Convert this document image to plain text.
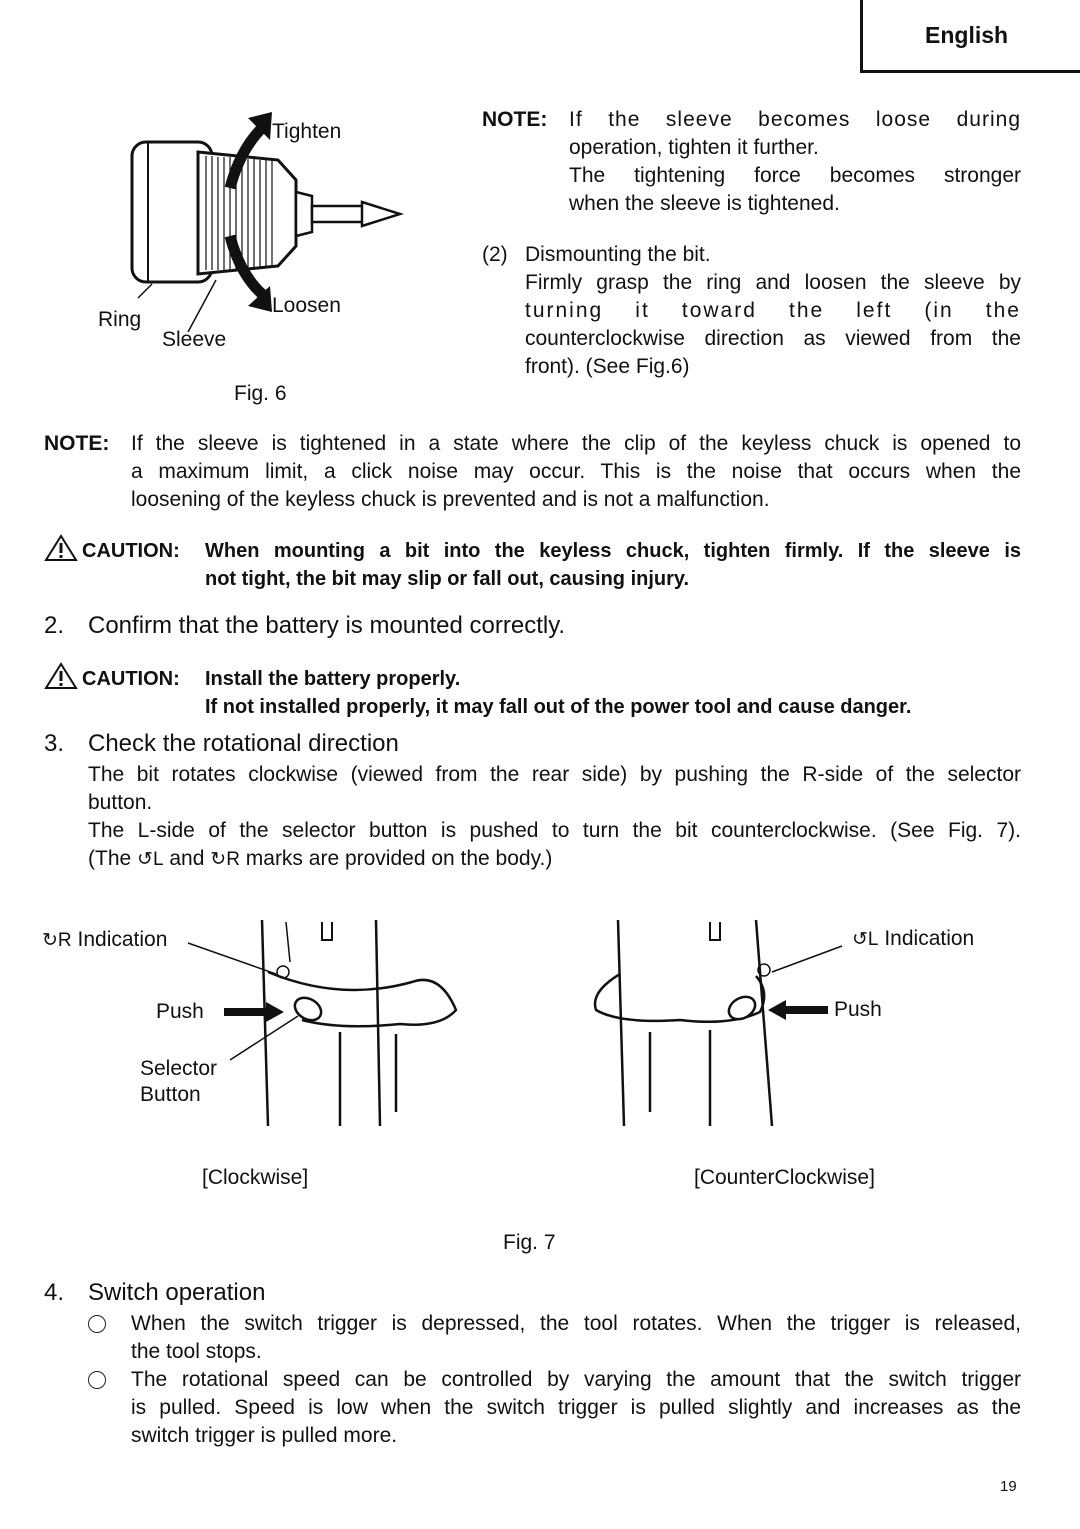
English
Tighten
Loosen
Ring
Sleeve
Fig. 6
NOTE: If the sleeve becomes loose during
operation, tighten it further.
The tightening force becomes stronger
when the sleeve is tightened.
(2) Dismounting the bit.
Firmly grasp the ring and loosen the sleeve by
turning it toward the left (in the
counterclockwise direction as viewed from the
front). (See Fig.6)
NOTE: If the sleeve is tightened in a state where the clip of the keyless chuck is opened to
a maximum limit, a click noise may occur. This is the noise that occurs when the
loosening of the keyless chuck is prevented and is not a malfunction.
CAUTION: When mounting a bit into the keyless chuck, tighten firmly. If the sleeve is
not tight, the bit may slip or fall out, causing injury.
2. Confirm that the battery is mounted correctly.
CAUTION: Install the battery properly.
If not installed properly, it may fall out of the power tool and cause danger.
3. Check the rotational direction
The bit rotates clockwise (viewed from the rear side) by pushing the R-side of the selector
button.
The L-side of the selector button is pushed to turn the bit counterclockwise. (See Fig. 7).
(The ↺L and ↻R marks are provided on the body.)
↻R Indication
Push
Selector
Button
[Clockwise]
↺L Indication
Push
[CounterClockwise]
Fig. 7
4. Switch operation
When the switch trigger is depressed, the tool rotates. When the trigger is released,
the tool stops.
The rotational speed can be controlled by varying the amount that the switch trigger
is pulled. Speed is low when the switch trigger is pulled slightly and increases as the
switch trigger is pulled more.
19
